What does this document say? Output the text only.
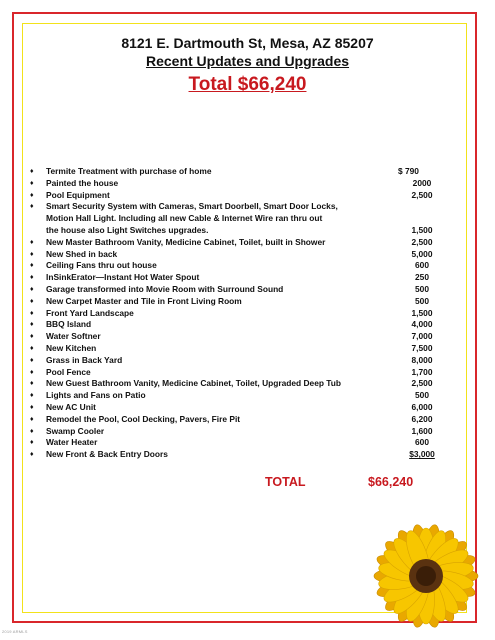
8121 E. Dartmouth St, Mesa, AZ 85207
Recent Updates and Upgrades
Total $66,240
♦ Termite Treatment with purchase of home	$ 790
♦ Painted the house	2000
♦ Pool Equipment	2,500
♦ Smart Security System with Cameras, Smart Doorbell, Smart Door Locks,
Motion Hall Light. Including all new Cable & Internet Wire ran thru out
the house also Light Switches upgrades.	1,500
♦ New Master Bathroom Vanity, Medicine Cabinet, Toilet, built in Shower	2,500
♦ New Shed in back	5,000
♦ Ceiling Fans thru out house	600
♦ InSinkErator—Instant Hot Water Spout	250
♦ Garage transformed into Movie Room with Surround Sound	500
♦ New Carpet Master and Tile in Front Living Room	500
♦ Front Yard Landscape	1,500
♦ BBQ Island	4,000
♦ Water Softner	7,000
♦ New Kitchen	7,500
♦ Grass in Back Yard	8,000
♦ Pool Fence	1,700
♦ New Guest Bathroom Vanity, Medicine Cabinet, Toilet, Upgraded Deep Tub	2,500
♦ Lights and Fans on Patio	500
♦ New AC Unit	6,000
♦ Remodel the Pool, Cool Decking, Pavers, Fire Pit	6,200
♦ Swamp Cooler	1,600
♦ Water Heater	600
♦ New Front & Back Entry Doors	$3,000
TOTAL	$66,240
2019 ARMLS
